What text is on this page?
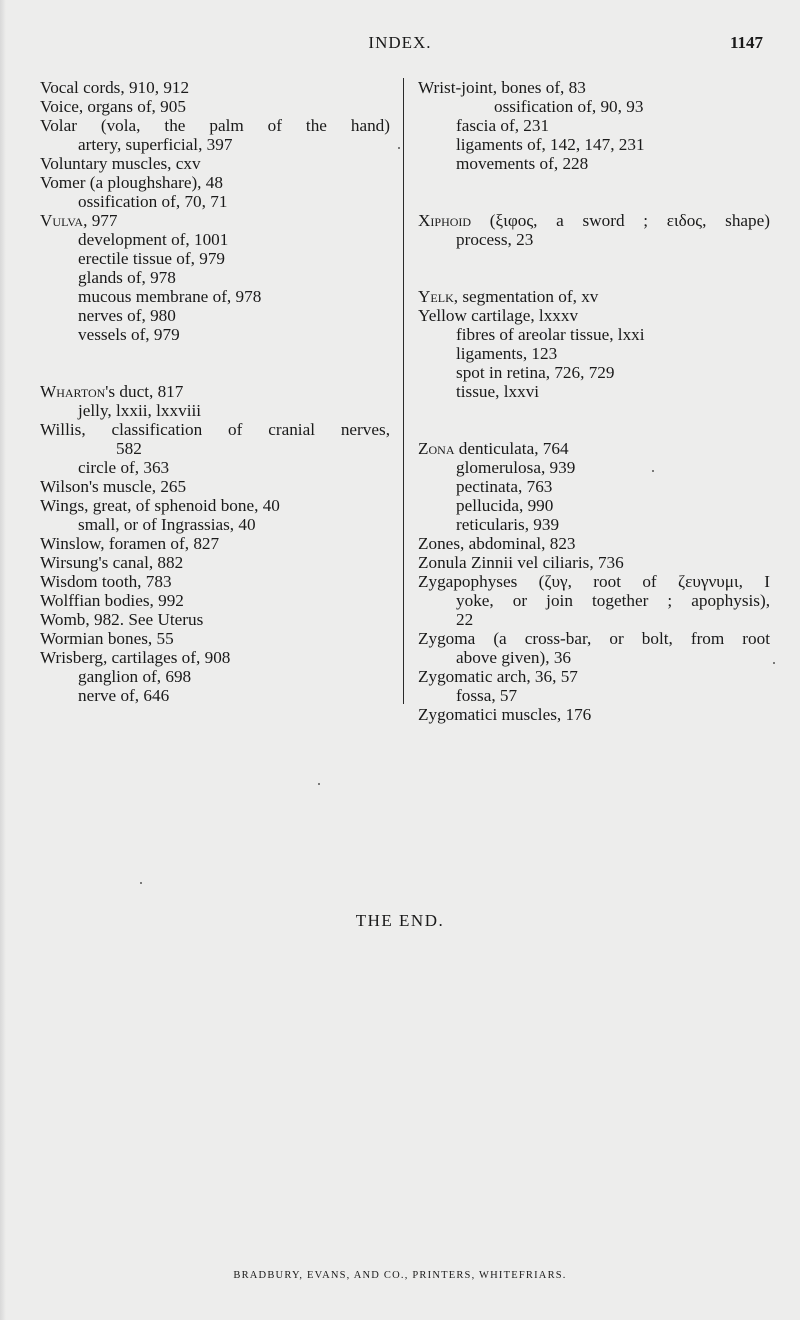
INDEX.	1147
Vocal cords, 910, 912
Voice, organs of, 905
Volar (vola, the palm of the hand)
artery, superficial, 397
Voluntary muscles, cxv
Vomer (a ploughshare), 48
ossification of, 70, 71
Vulva, 977
development of, 1001
erectile tissue of, 979
glands of, 978
mucous membrane of, 978
nerves of, 980
vessels of, 979
Wharton's duct, 817
jelly, lxxii, lxxviii
Willis, classification of cranial nerves,
582
circle of, 363
Wilson's muscle, 265
Wings, great, of sphenoid bone, 40
small, or of Ingrassias, 40
Winslow, foramen of, 827
Wirsung's canal, 882
Wisdom tooth, 783
Wolffian bodies, 992
Womb, 982. See Uterus
Wormian bones, 55
Wrisberg, cartilages of, 908
ganglion of, 698
nerve of, 646
Wrist-joint, bones of, 83
ossification of, 90, 93
fascia of, 231
ligaments of, 142, 147, 231
movements of, 228
Xiphoid (ξιφος, a sword ; ειδος, shape)
process, 23
Yelk, segmentation of, xv
Yellow cartilage, lxxxv
fibres of areolar tissue, lxxi
ligaments, 123
spot in retina, 726, 729
tissue, lxxvi
Zona denticulata, 764
glomerulosa, 939
pectinata, 763
pellucida, 990
reticularis, 939
Zones, abdominal, 823
Zonula Zinnii vel ciliaris, 736
Zygapophyses (ζυγ, root of ζευγνυμι, I
yoke, or join together ; apophysis),
22
Zygoma (a cross-bar, or bolt, from root
above given), 36
Zygomatic arch, 36, 57
fossa, 57
Zygomatici muscles, 176
THE END.
BRADBURY, EVANS, AND CO., PRINTERS, WHITEFRIARS.
